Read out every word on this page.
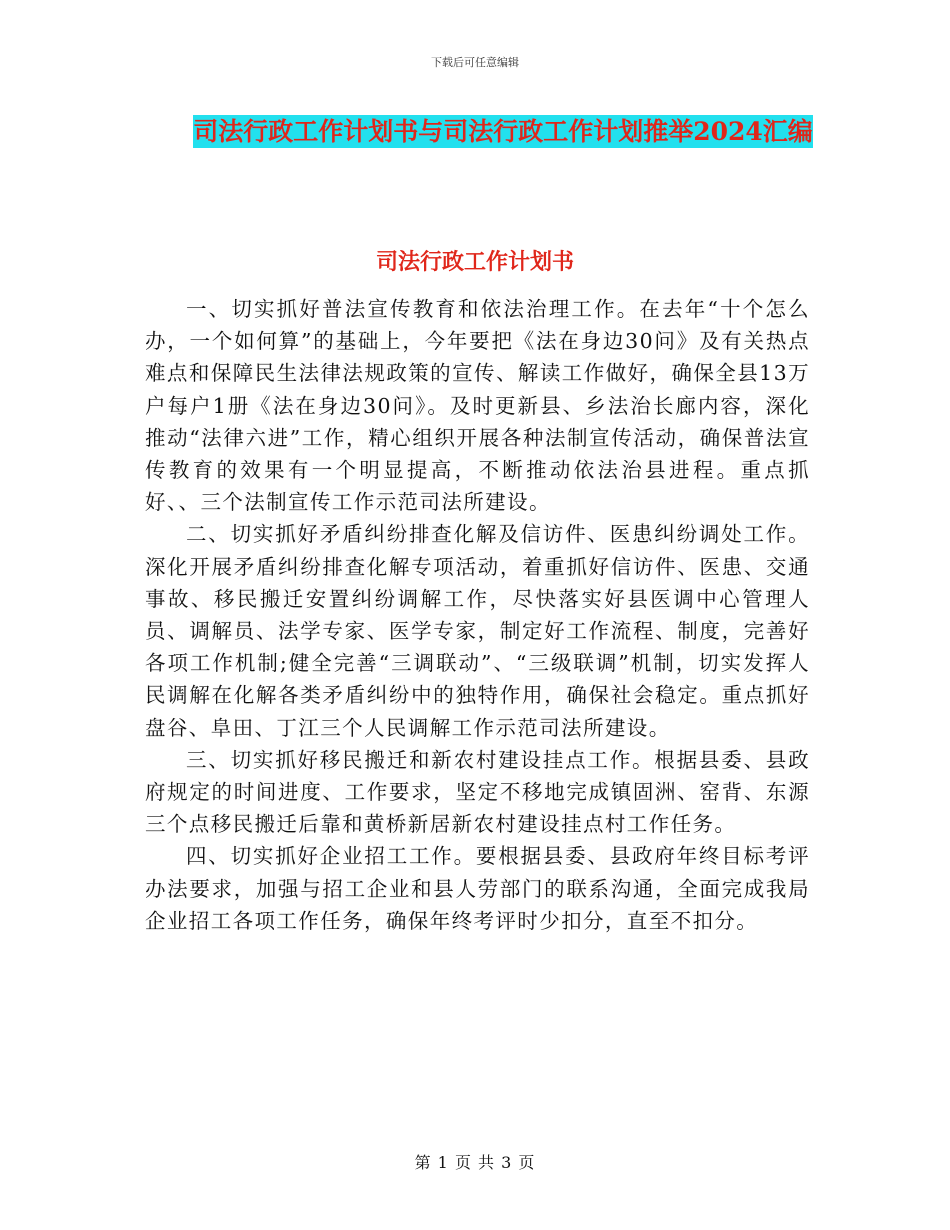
下载后可任意编辑
司法行政工作计划书与司法行政工作计划推举2024汇编
司法行政工作计划书

一、切实抓好普法宣传教育和依法治理工作。在去年“十个怎么办，一个如何算”的基础上，今年要把《法在身边30问》及有关热点难点和保障民生法律法规政策的宣传、解读工作做好，确保全县13万户每户1册《法在身边30问》。及时更新县、乡法治长廊内容，深化推动“法律六进”工作，精心组织开展各种法制宣传活动，确保普法宣传教育的效果有一个明显提高，不断推动依法治县进程。重点抓好、、三个法制宣传工作示范司法所建设。

二、切实抓好矛盾纠纷排查化解及信访件、医患纠纷调处工作。深化开展矛盾纠纷排查化解专项活动，着重抓好信访件、医患、交通事故、移民搬迁安置纠纷调解工作，尽快落实好县医调中心管理人员、调解员、法学专家、医学专家，制定好工作流程、制度，完善好各项工作机制;健全完善“三调联动”、“三级联调”机制，切实发挥人民调解在化解各类矛盾纠纷中的独特作用，确保社会稳定。重点抓好盘谷、阜田、丁江三个人民调解工作示范司法所建设。

三、切实抓好移民搬迁和新农村建设挂点工作。根据县委、县政府规定的时间进度、工作要求，坚定不移地完成镇固洲、窑背、东源三个点移民搬迁后靠和黄桥新居新农村建设挂点村工作任务。

四、切实抓好企业招工工作。要根据县委、县政府年终目标考评办法要求，加强与招工企业和县人劳部门的联系沟通，全面完成我局企业招工各项工作任务，确保年终考评时少扣分，直至不扣分。

第 1 页 共 3 页
